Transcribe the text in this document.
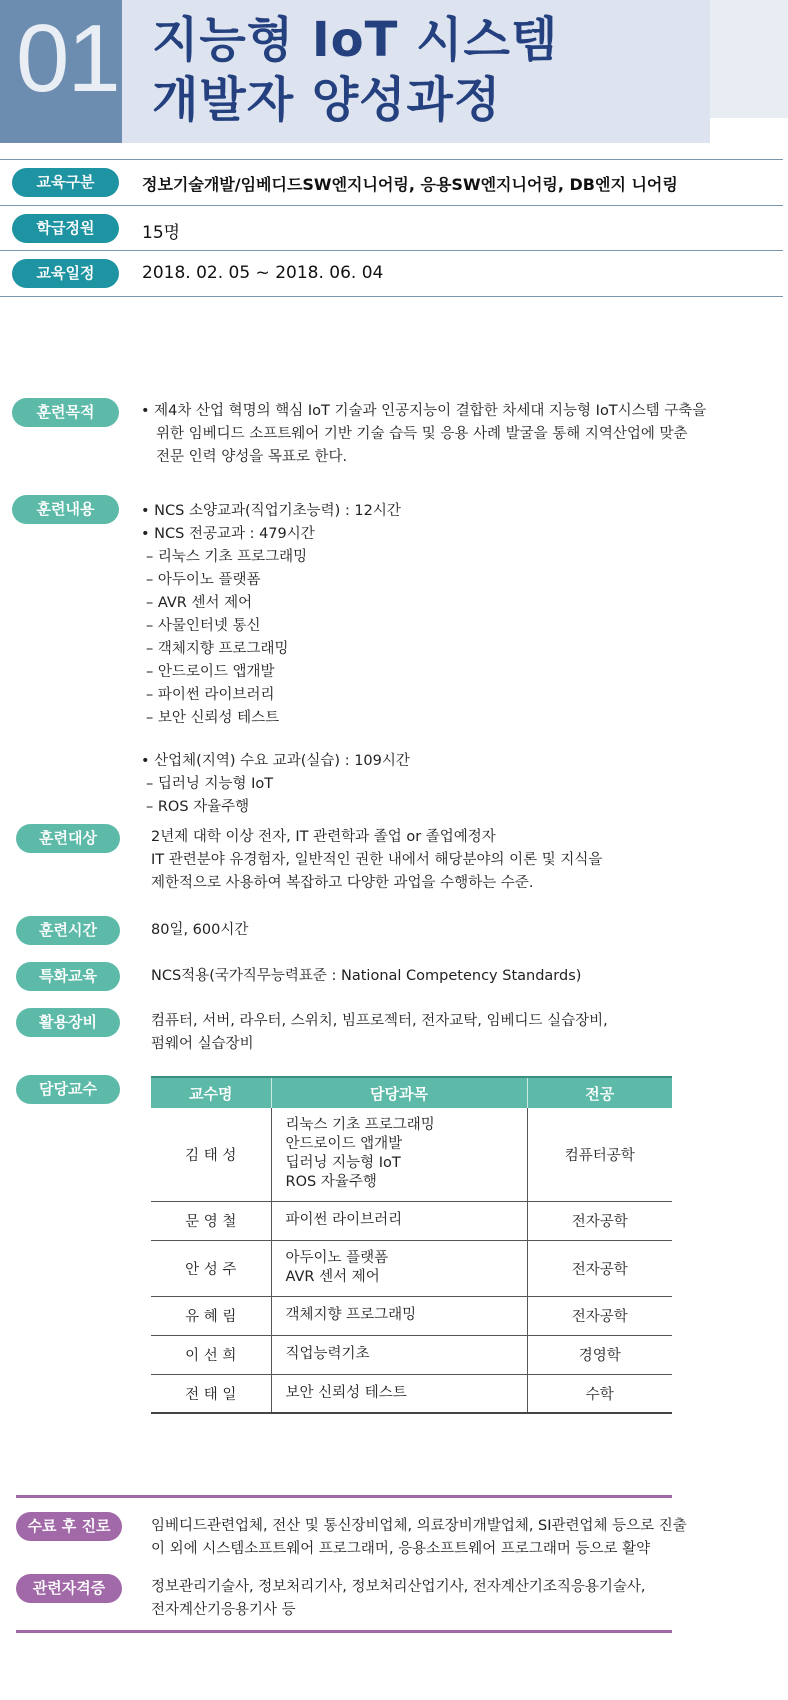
01 지능형 IoT 시스템
개발자 양성과정
교육구분	정보기술개발/임베디드SW엔지니어링, 응용SW엔지니어링, DB엔지 니어링
학급정원	15명
교육일정	2018. 02. 05 ~ 2018. 06. 04
훈련목적	• 제4차 산업 혁명의 핵심 IoT 기술과 인공지능이 결합한 차세대 지능형 IoT시스템 구축을
위한 임베디드 소프트웨어 기반 기술 습득 및 응용 사례 발굴을 통해 지역산업에 맞춘
전문 인력 양성을 목표로 한다.
훈련내용	• NCS 소양교과(직업기초능력) : 12시간
• NCS 전공교과 : 479시간
– 리눅스 기초 프로그래밍
– 아두이노 플랫폼
– AVR 센서 제어
– 사물인터넷 통신
– 객체지향 프로그래밍
– 안드로이드 앱개발
– 파이썬 라이브러리
– 보안 신뢰성 테스트
• 산업체(지역) 수요 교과(실습) : 109시간
– 딥러닝 지능형 IoT
– ROS 자율주행
훈련대상	2년제 대학 이상 전자, IT 관련학과 졸업 or 졸업예정자
IT 관련분야 유경험자, 일반적인 권한 내에서 해당분야의 이론 및 지식을
제한적으로 사용하여 복잡하고 다양한 과업을 수행하는 수준.
훈련시간	80일, 600시간
특화교육	NCS적용(국가직무능력표준 : National Competency Standards)
활용장비	컴퓨터, 서버, 라우터, 스위치, 빔프로젝터, 전자교탁, 임베디드 실습장비,
펌웨어 실습장비
담당교수	교수명	담당과목	전공
김 태 성	리눅스 기초 프로그래밍
안드로이드 앱개발
딥러닝 지능형 IoT
ROS 자율주행	컴퓨터공학
문 영 철	파이썬 라이브러리	전자공학
안 성 주	아두이노 플랫폼
AVR 센서 제어	전자공학
유 혜 림	객체지향 프로그래밍	전자공학
이 선 희	직업능력기초	경영학
전 태 일	보안 신뢰성 테스트	수학
수료 후 진로	임베디드관련업체, 전산 및 통신장비업체, 의료장비개발업체, SI관련업체 등으로 진출
이 외에 시스템소프트웨어 프로그래머, 응용소프트웨어 프로그래머 등으로 활약
관련자격증	정보관리기술사, 정보처리기사, 정보처리산업기사, 전자계산기조직응용기술사,
전자계산기응용기사 등
